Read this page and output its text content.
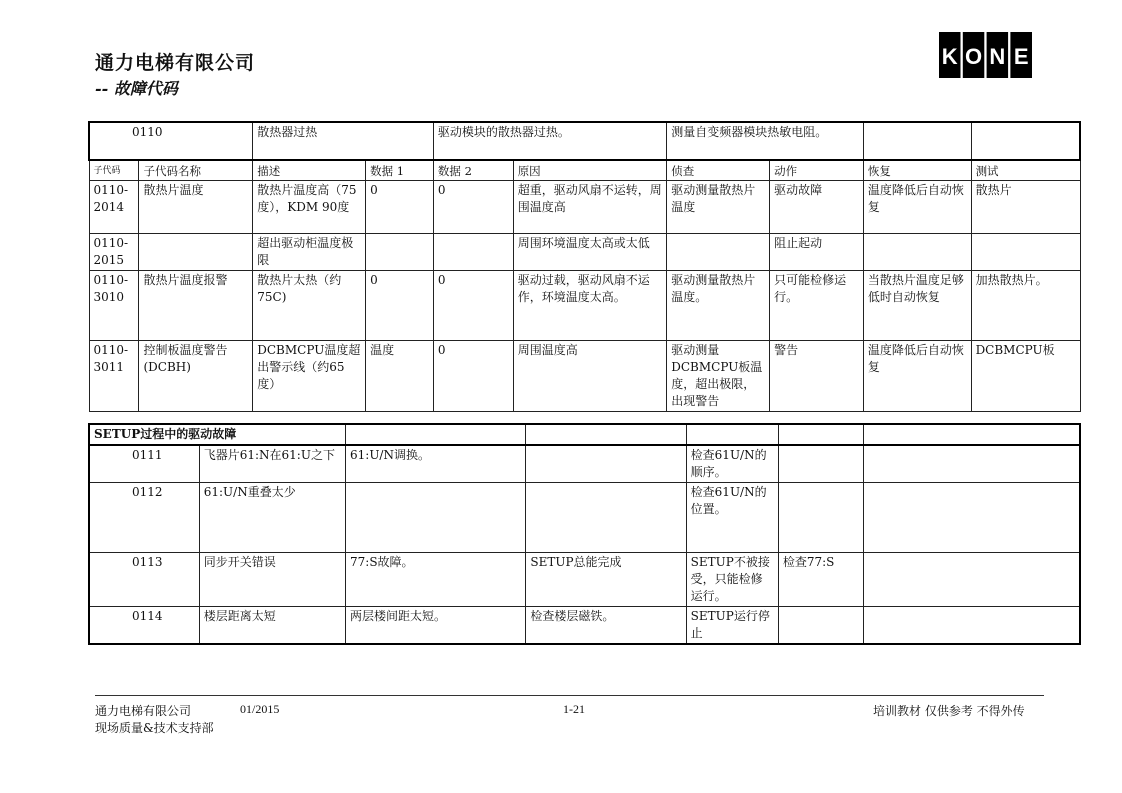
通力电梯有限公司
-- 故障代码
K O N E
0110		散热器过热		驱动模块的散热器过热。		测量自变频器模块热敏电阻。			
子代码	子代码名称	描述	数据 1	数据 2	原因	侦查	动作	恢复	测试
0110-2014	散热片温度	散热片温度高（75度），KDM 90度	0	0	超重，驱动风扇不运转，周围温度高	驱动测量散热片温度	驱动故障	温度降低后自动恢复	散热片
0110-2015		超出驱动柜温度极限			周围环境温度太高或太低		阻止起动		
0110-3010	散热片温度报警	散热片太热（约75C)	0	0	驱动过载，驱动风扇不运作，环境温度太高。	驱动测量散热片温度。	只可能检修运行。	当散热片温度足够低时自动恢复	加热散热片。
0110-3011	控制板温度警告(DCBH)	DCBMCPU温度超出警示线（约65度）	温度	0	周围温度高	驱动测量DCBMCPU板温度，超出极限，出现警告	警告	温度降低后自动恢复	DCBMCPU板
SETUP过程中的驱动故障						
0111	飞器片61:N在61:U之下	61:U/N调换。		检查61U/N的顺序。		
0112	61:U/N重叠太少			检查61U/N的位置。		
0113	同步开关错误	77:S故障。	SETUP总能完成	SETUP不被接受，只能检修运行。	检查77:S	
0114	楼层距离太短	两层楼间距太短。	检查楼层磁铁。	SETUP运行停止		
通力电梯有限公司	01/2015
现场质量&技术支持部
1-21	培训教材 仅供参考 不得外传
